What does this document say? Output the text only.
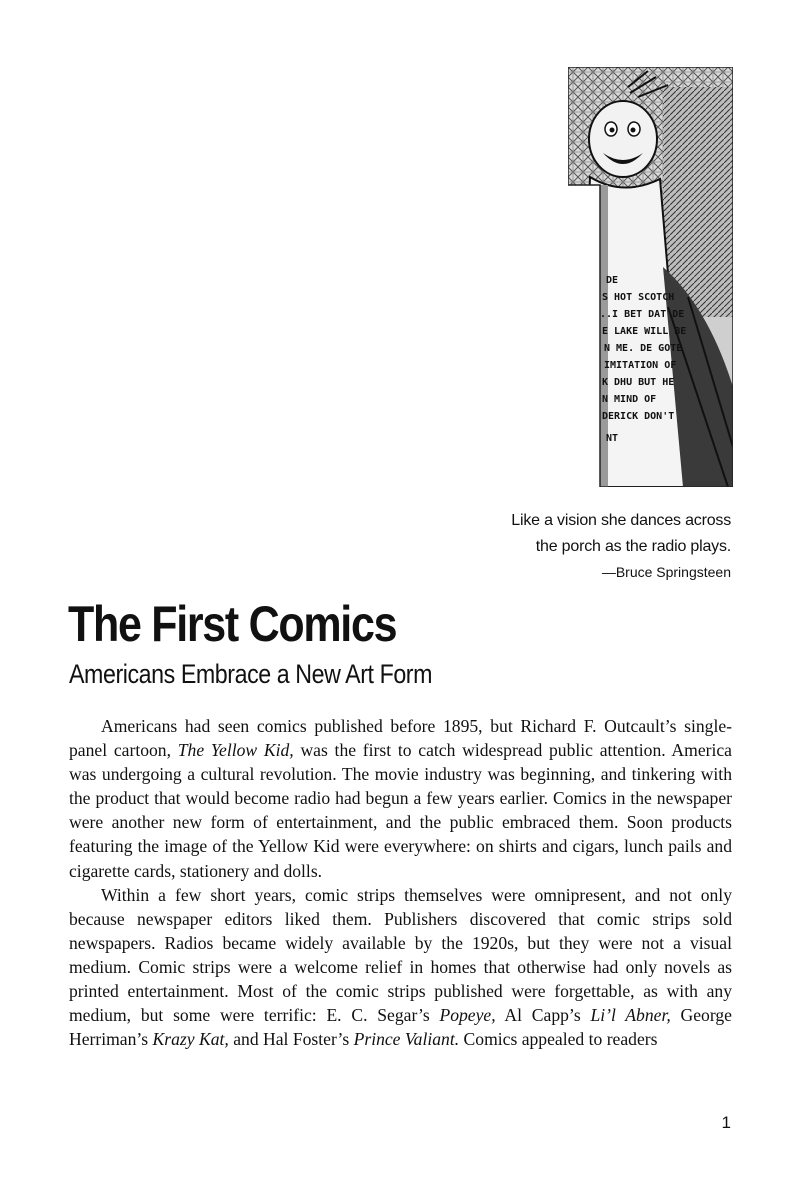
DE
S HOT SCOTCH
..I BET DAT DE
E LAKE WILL BE
N ME. DE GOTE
IMITATION OF
K DHU BUT HE
N MIND OF
DERICK DON'T
NT
Like a vision she dances across
the porch as the radio plays.
—Bruce Springsteen
The First Comics
Americans Embrace a New Art Form

Americans had seen comics published before 1895, but Richard F. Outcault’s single-panel cartoon, The Yellow Kid, was the first to catch widespread public attention. America was undergoing a cultural revolution. The movie industry was beginning, and tinkering with the product that would become radio had begun a few years earlier. Comics in the newspaper were another new form of entertainment, and the public embraced them. Soon products featuring the image of the Yellow Kid were everywhere: on shirts and cigars, lunch pails and cigarette cards, stationery and dolls.

Within a few short years, comic strips themselves were omnipresent, and not only because newspaper editors liked them. Publishers discovered that comic strips sold newspapers. Radios became widely available by the 1920s, but they were not a visual medium. Comic strips were a welcome relief in homes that otherwise had only novels as printed entertainment. Most of the comic strips published were forgettable, as with any medium, but some were terrific: E. C. Segar’s Popeye, Al Capp’s Li’l Abner, George Herriman’s Krazy Kat, and Hal Foster’s Prince Valiant. Comics appealed to readers

1
